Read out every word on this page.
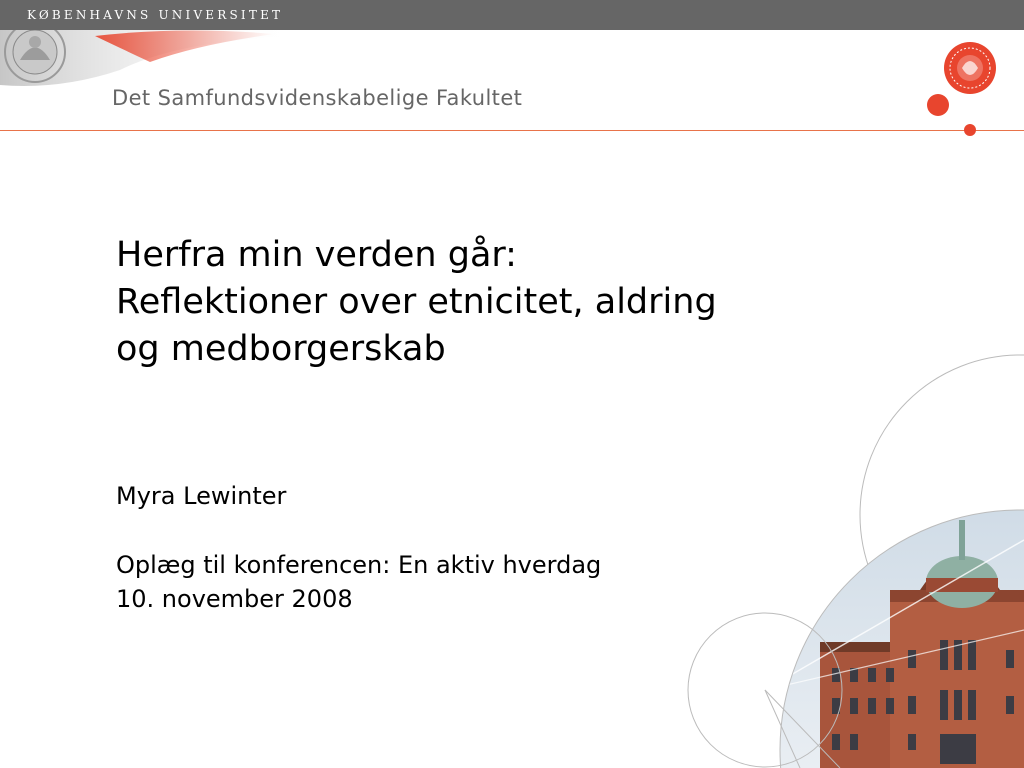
KØBENHAVNS UNIVERSITET
Det Samfundsvidenskabelige Fakultet
Herfra min verden går:
Reflektioner over etnicitet, aldring
og medborgerskab
Myra Lewinter
Oplæg til konferencen: En aktiv hverdag
10. november 2008
